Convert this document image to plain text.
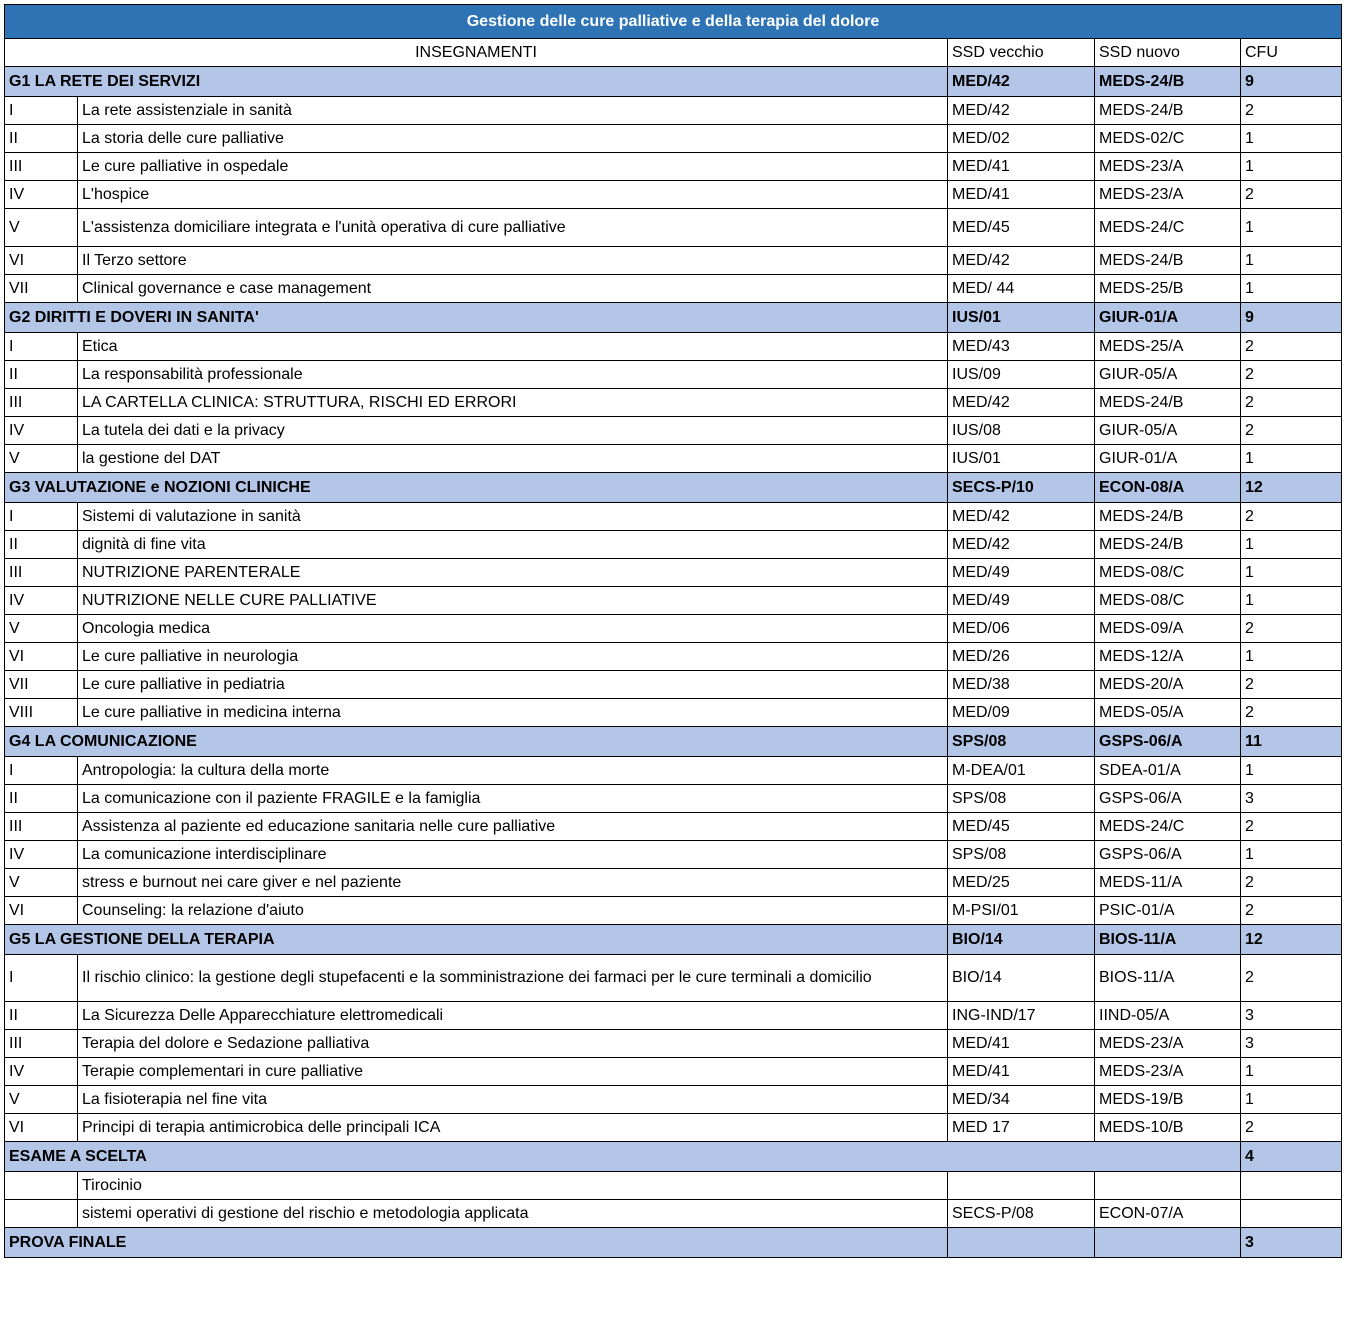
Gestione delle cure palliative e della terapia del dolore				
INSEGNAMENTI		SSD vecchio	SSD nuovo	CFU
G1 LA RETE DEI SERVIZI		MED/42	MEDS-24/B	9
I	La rete assistenziale in sanità	MED/42	MEDS-24/B	2
II	La storia delle cure palliative	MED/02	MEDS-02/C	1
III	Le cure palliative in ospedale	MED/41	MEDS-23/A	1
IV	L'hospice	MED/41	MEDS-23/A	2
V	L'assistenza domiciliare integrata e l'unità operativa di cure palliative	MED/45	MEDS-24/C	1
VI	Il Terzo settore	MED/42	MEDS-24/B	1
VII	Clinical governance e case management	MED/ 44	MEDS-25/B	1
G2 DIRITTI E DOVERI IN SANITA'		IUS/01	GIUR-01/A	9
I	Etica	MED/43	MEDS-25/A	2
II	La responsabilità professionale	IUS/09	GIUR-05/A	2
III	LA CARTELLA CLINICA: STRUTTURA, RISCHI ED ERRORI	MED/42	MEDS-24/B	2
IV	La tutela dei dati e la privacy	IUS/08	GIUR-05/A	2
V	la gestione del DAT	IUS/01	GIUR-01/A	1
G3 VALUTAZIONE e NOZIONI CLINICHE		SECS-P/10	ECON-08/A	12
I	Sistemi di valutazione in sanità	MED/42	MEDS-24/B	2
II	dignità di fine vita	MED/42	MEDS-24/B	1
III	NUTRIZIONE PARENTERALE	MED/49	MEDS-08/C	1
IV	NUTRIZIONE NELLE CURE PALLIATIVE	MED/49	MEDS-08/C	1
V	Oncologia medica	MED/06	MEDS-09/A	2
VI	Le cure palliative in neurologia	MED/26	MEDS-12/A	1
VII	Le cure palliative in pediatria	MED/38	MEDS-20/A	2
VIII	Le cure palliative in medicina interna	MED/09	MEDS-05/A	2
G4 LA COMUNICAZIONE		SPS/08	GSPS-06/A	11
I	Antropologia: la cultura della morte	M-DEA/01	SDEA-01/A	1
II	La comunicazione con il paziente FRAGILE e la famiglia	SPS/08	GSPS-06/A	3
III	Assistenza al paziente ed educazione sanitaria nelle cure palliative	MED/45	MEDS-24/C	2
IV	La comunicazione interdisciplinare	SPS/08	GSPS-06/A	1
V	stress e burnout nei care giver e nel paziente	MED/25	MEDS-11/A	2
VI	Counseling: la relazione d'aiuto	M-PSI/01	PSIC-01/A	2
G5 LA GESTIONE DELLA TERAPIA		BIO/14	BIOS-11/A	12
I	Il rischio clinico: la gestione degli stupefacenti e la somministrazione dei farmaci per le cure terminali a domicilio	BIO/14	BIOS-11/A	2
II	La Sicurezza Delle Apparecchiature elettromedicali	ING-IND/17	IIND-05/A	3
III	Terapia del dolore e Sedazione palliativa	MED/41	MEDS-23/A	3
IV	Terapie complementari in cure palliative	MED/41	MEDS-23/A	1
V	La fisioterapia nel fine vita	MED/34	MEDS-19/B	1
VI	Principi di terapia antimicrobica delle principali ICA	MED 17	MEDS-10/B	2
ESAME A SCELTA				4
	Tirocinio			
	sistemi operativi di gestione del rischio e metodologia applicata	SECS-P/08	ECON-07/A	
PROVA FINALE				3
